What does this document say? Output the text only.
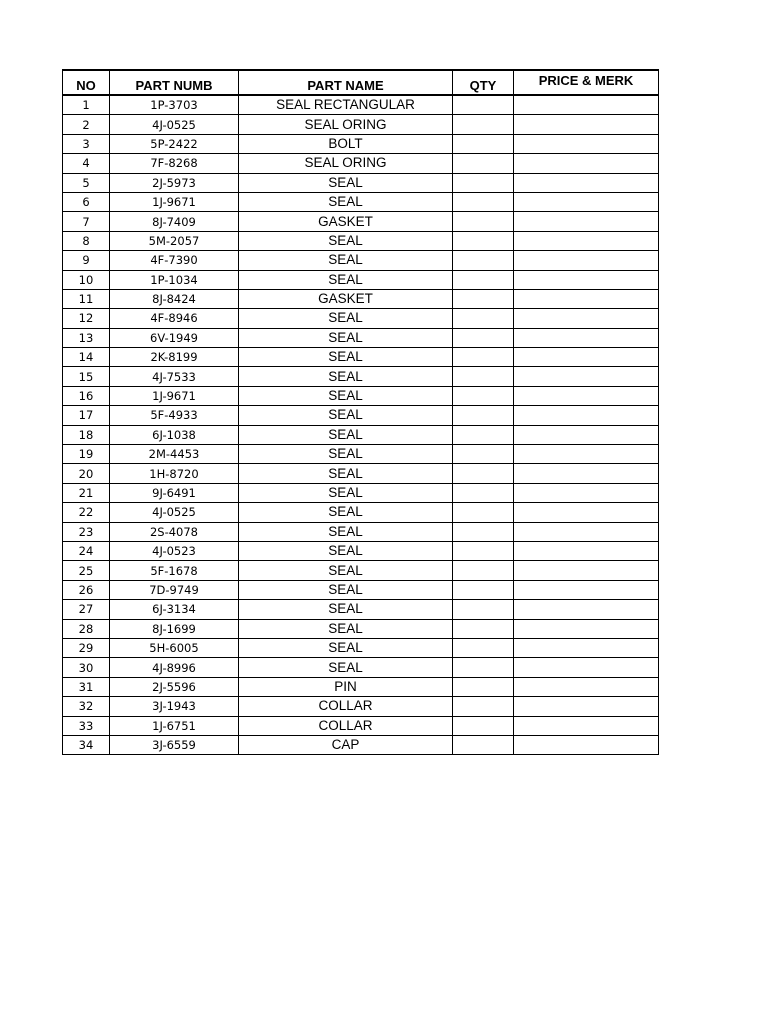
NO	PART NUMB	PART NAME	QTY	PRICE & MERK
1	1P-3703	SEAL RECTANGULAR		
2	4J-0525	SEAL ORING		
3	5P-2422	BOLT		
4	7F-8268	SEAL ORING		
5	2J-5973	SEAL		
6	1J-9671	SEAL		
7	8J-7409	GASKET		
8	5M-2057	SEAL		
9	4F-7390	SEAL		
10	1P-1034	SEAL		
11	8J-8424	GASKET		
12	4F-8946	SEAL		
13	6V-1949	SEAL		
14	2K-8199	SEAL		
15	4J-7533	SEAL		
16	1J-9671	SEAL		
17	5F-4933	SEAL		
18	6J-1038	SEAL		
19	2M-4453	SEAL		
20	1H-8720	SEAL		
21	9J-6491	SEAL		
22	4J-0525	SEAL		
23	2S-4078	SEAL		
24	4J-0523	SEAL		
25	5F-1678	SEAL		
26	7D-9749	SEAL		
27	6J-3134	SEAL		
28	8J-1699	SEAL		
29	5H-6005	SEAL		
30	4J-8996	SEAL		
31	2J-5596	PIN		
32	3J-1943	COLLAR		
33	1J-6751	COLLAR		
34	3J-6559	CAP		
